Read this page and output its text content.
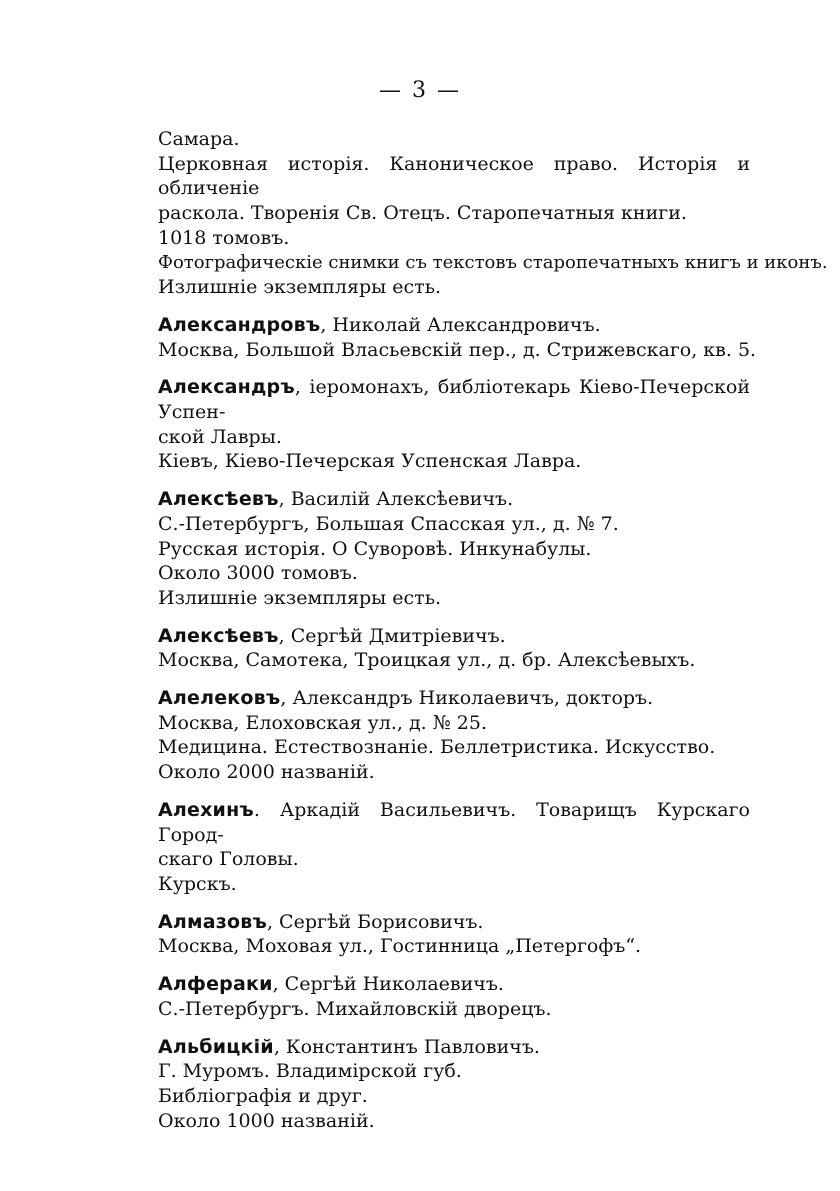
— 3 —
Самара.
Церковная исторія. Каноническое право. Исторія и обличеніе
раскола. Творенія Св. Отецъ. Старопечатныя книги.
1018 томовъ.
Фотографическіе снимки съ текстовъ старопечатныхъ книгъ и иконъ.
Излишніе экземпляры есть.
Александровъ, Николай Александровичъ.
Москва, Большой Власьевскій пер., д. Стрижевскаго, кв. 5.
Александръ, іеромонахъ, библіотекарь Кіево-Печерской Успен-
ской Лавры.
Кіевъ, Кіево-Печерская Успенская Лавра.
Алексѣевъ, Василій Алексѣевичъ.
С.-Петербургъ, Большая Спасская ул., д. № 7.
Русская исторія. О Суворовѣ. Инкунабулы.
Около 3000 томовъ.
Излишніе экземпляры есть.
Алексѣевъ, Сергѣй Дмитріевичъ.
Москва, Самотека, Троицкая ул., д. бр. Алексѣевыхъ.
Алелековъ, Александръ Николаевичъ, докторъ.
Москва, Елоховская ул., д. № 25.
Медицина. Естествознаніе. Беллетристика. Искусство.
Около 2000 названій.
Алехинъ. Аркадій Васильевичъ. Товарищъ Курскаго Город-
скаго Головы.
Курскъ.
Алмазовъ, Сергѣй Борисовичъ.
Москва, Моховая ул., Гостинница „Петергофъ“.
Алфераки, Сергѣй Николаевичъ.
С.-Петербургъ. Михайловскій дворецъ.
Альбицкій, Константинъ Павловичъ.
Г. Муромъ. Владимірской губ.
Библіографія и друг.
Около 1000 названій.
